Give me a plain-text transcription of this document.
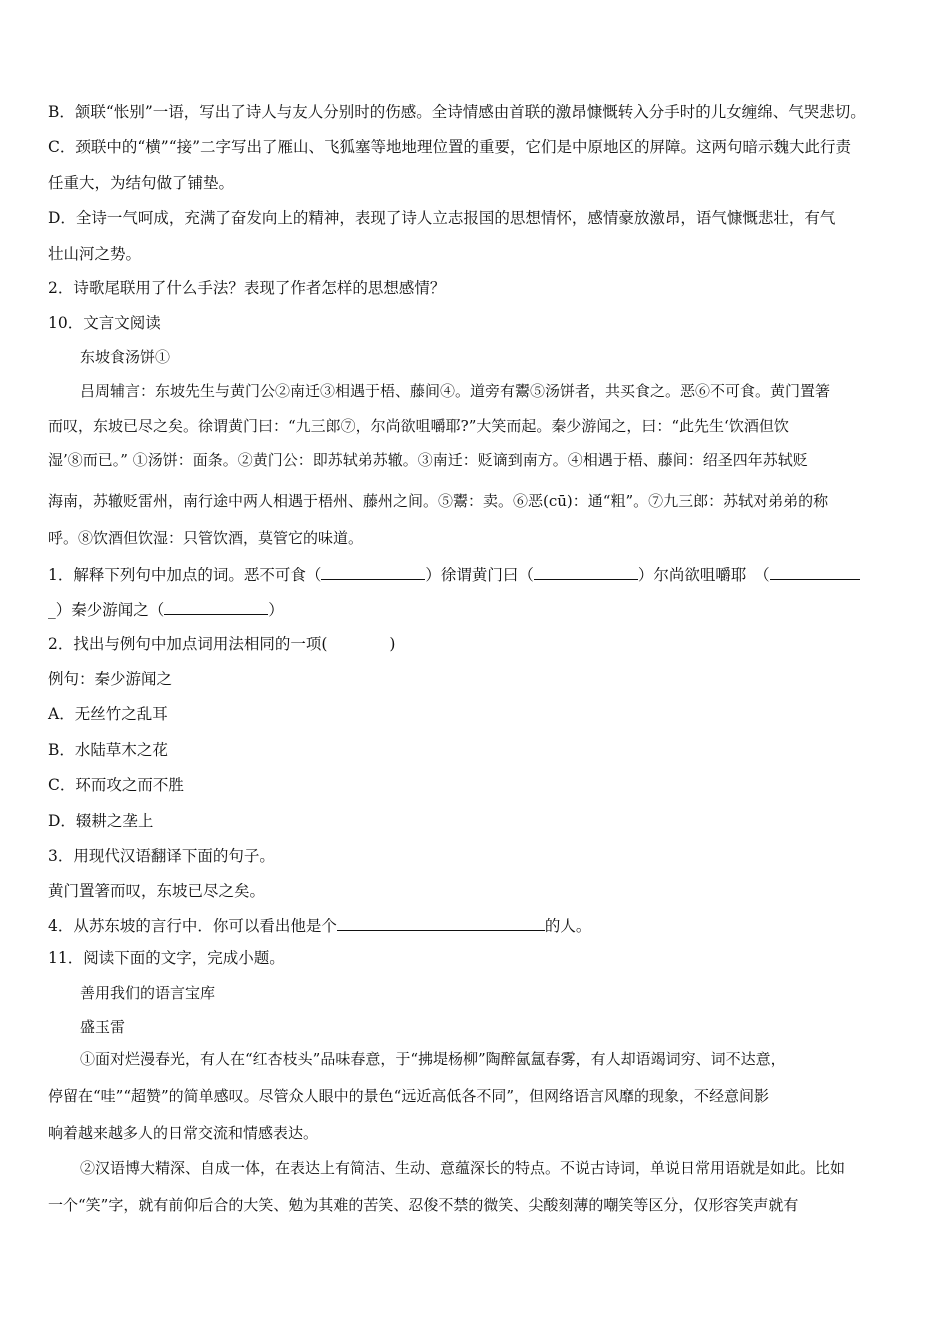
B．颔联“怅别”一语，写出了诗人与友人分别时的伤感。全诗情感由首联的激昂慷慨转入分手时的儿女缠绵、气哭悲切。
C．颈联中的“横”“接”二字写出了雁山、飞狐塞等地地理位置的重要，它们是中原地区的屏障。这两句暗示魏大此行责
任重大，为结句做了铺垫。
D．全诗一气呵成，充满了奋发向上的精神，表现了诗人立志报国的思想情怀，感情豪放激昂，语气慷慨悲壮，有气
壮山河之势。
2．诗歌尾联用了什么手法？表现了作者怎样的思想感情？
10．文言文阅读
东坡食汤饼①
吕周辅言：东坡先生与黄门公②南迁③相遇于梧、藤间④。道旁有鬻⑤汤饼者，共买食之。恶⑥不可食。黄门置箸
而叹，东坡已尽之矣。徐谓黄门曰：“九三郎⑦，尔尚欲咀嚼耶?”大笑而起。秦少游闻之，曰：“此先生‘饮酒但饮
湿’⑧而已。” ①汤饼：面条。②黄门公：即苏轼弟苏辙。③南迁：贬谪到南方。④相遇于梧、藤间：绍圣四年苏轼贬
海南，苏辙贬雷州，南行途中两人相遇于梧州、藤州之间。⑤鬻：卖。⑥恶(cū)：通“粗”。⑦九三郎：苏轼对弟弟的称
呼。⑧饮酒但饮湿：只管饮酒，莫管它的味道。
1．解释下列句中加点的词。恶不可食（	）徐谓黄门曰（	）尔尚欲咀嚼耶　（
_）秦少游闻之（	）
2．找出与例句中加点词用法相同的一项(　　　　)
例句：秦少游闻之
A．无丝竹之乱耳
B．水陆草木之花
C．环而攻之而不胜
D．辍耕之垄上
3．用现代汉语翻译下面的句子。
黄门置箸而叹，东坡已尽之矣。
4．从苏东坡的言行中．你可以看出他是个	的人。
11．阅读下面的文字，完成小题。
善用我们的语言宝库
盛玉雷
①面对烂漫春光，有人在“红杏枝头”品味春意，于“拂堤杨柳”陶醉氤氲春雾，有人却语竭词穷、词不达意，
停留在“哇”“超赞”的简单感叹。尽管众人眼中的景色“远近高低各不同”，但网络语言风靡的现象，不经意间影
响着越来越多人的日常交流和情感表达。
②汉语博大精深、自成一体，在表达上有简洁、生动、意蕴深长的特点。不说古诗词，单说日常用语就是如此。比如
一个“笑”字，就有前仰后合的大笑、勉为其难的苦笑、忍俊不禁的微笑、尖酸刻薄的嘲笑等区分，仅形容笑声就有
